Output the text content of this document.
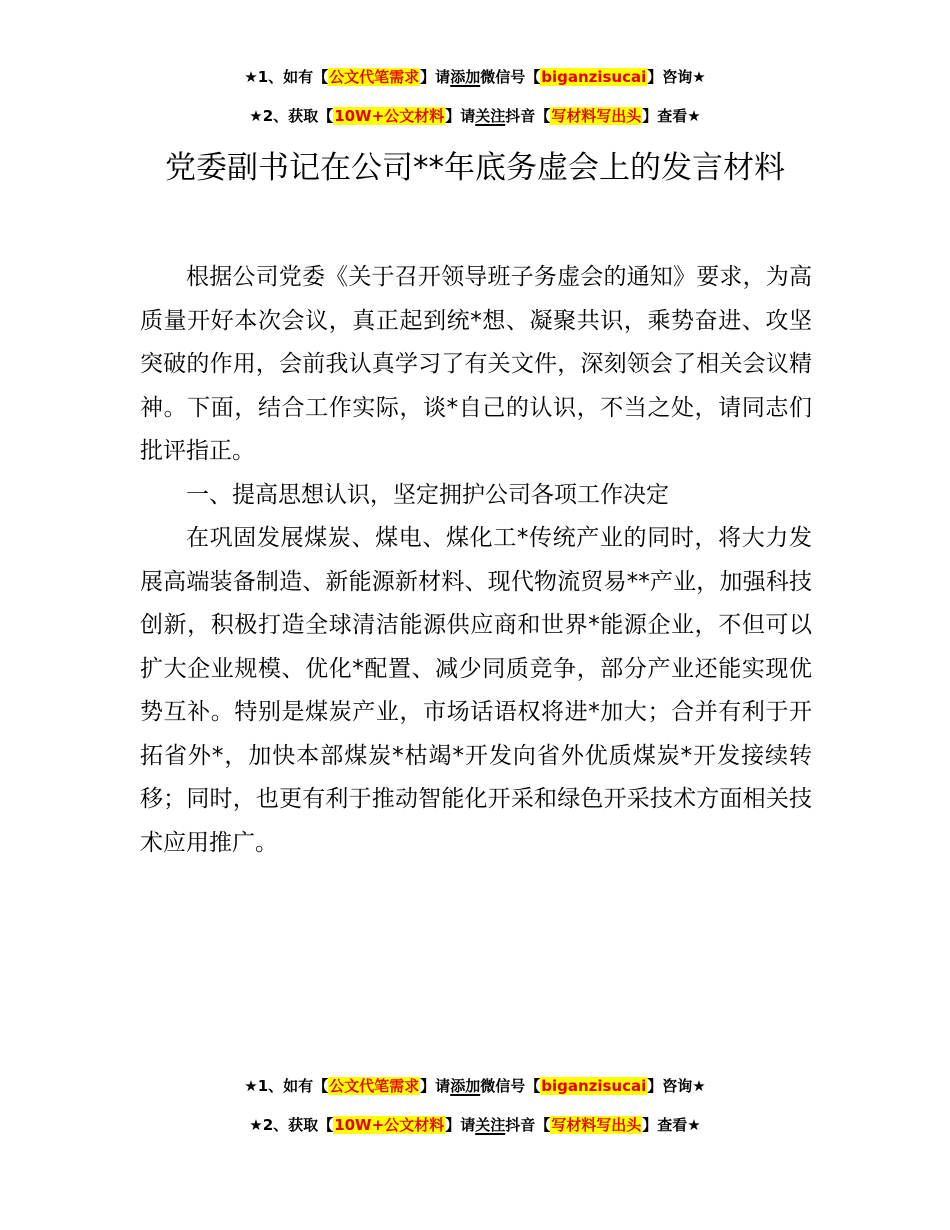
★1、如有【公文代笔需求】请添加微信号【biganzisucai】咨询★
★2、获取【10W+公文材料】请关注抖音【写材料写出头】查看★
党委副书记在公司**年底务虚会上的发言材料

根据公司党委《关于召开领导班子务虚会的通知》要求，为高质量开好本次会议，真正起到统*想、凝聚共识，乘势奋进、攻坚突破的作用，会前我认真学习了有关文件，深刻领会了相关会议精神。下面，结合工作实际，谈*自己的认识，不当之处，请同志们批评指正。

一、提高思想认识，坚定拥护公司各项工作决定

在巩固发展煤炭、煤电、煤化工*传统产业的同时，将大力发展高端装备制造、新能源新材料、现代物流贸易**产业，加强科技创新，积极打造全球清洁能源供应商和世界*能源企业，不但可以扩大企业规模、优化*配置、减少同质竞争，部分产业还能实现优势互补。特别是煤炭产业，市场话语权将进*加大；合并有利于开拓省外*，加快本部煤炭*枯竭*开发向省外优质煤炭*开发接续转移；同时，也更有利于推动智能化开采和绿色开采技术方面相关技术应用推广。

★1、如有【公文代笔需求】请添加微信号【biganzisucai】咨询★
★2、获取【10W+公文材料】请关注抖音【写材料写出头】查看★
